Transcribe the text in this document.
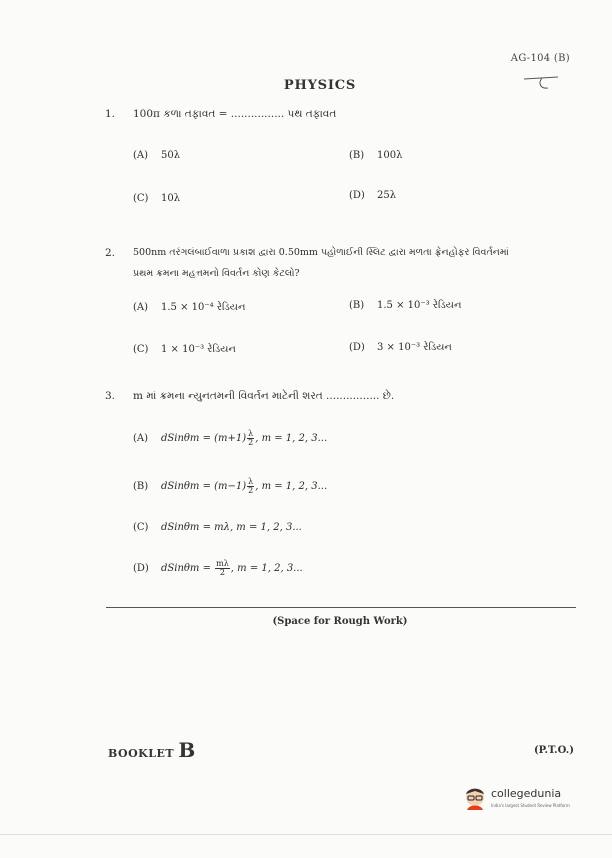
AG-104 (B)
PHYSICS
1. 100π કળા તફાવત = ................ પથ તફાવત
(A) 50λ	(B) 100λ
(C) 10λ	(D) 25λ
2. 500nm તરંગલંબાઈવાળા પ્રકાશ દ્વારા 0.50mm પહોળાઈની સ્લિટ દ્વારા મળતા ફ્રેનહોફર વિવર્તનમાં
પ્રથમ ક્રમના મહત્તમનો વિવર્તન કોણ કેટલો?
(A) 1.5 × 10⁻⁴ રેડિયન	(B) 1.5 × 10⁻³ રેડિયન
(C) 1 × 10⁻³ રેડિયન	(D) 3 × 10⁻³ રેડિયન
3. m માં ક્રમના ન્યુનતમની વિવર્તન માટેની શરત ................ છે.
(A) dSinθm = $(m+1) \frac{\lambda}{2}$ , m = 1, 2, 3...
(B) dSinθm = $(m-1) \frac{\lambda}{2}$ , m = 1, 2, 3...
(C) dSinθm = mλ, m = 1, 2, 3...
(D) dSinθm = $\frac{m\lambda}{2}$ , m = 1, 2, 3...
(Space for Rough Work)
BOOKLET B	(P.T.O.)
collegedunia
India's largest Student Review Platform
